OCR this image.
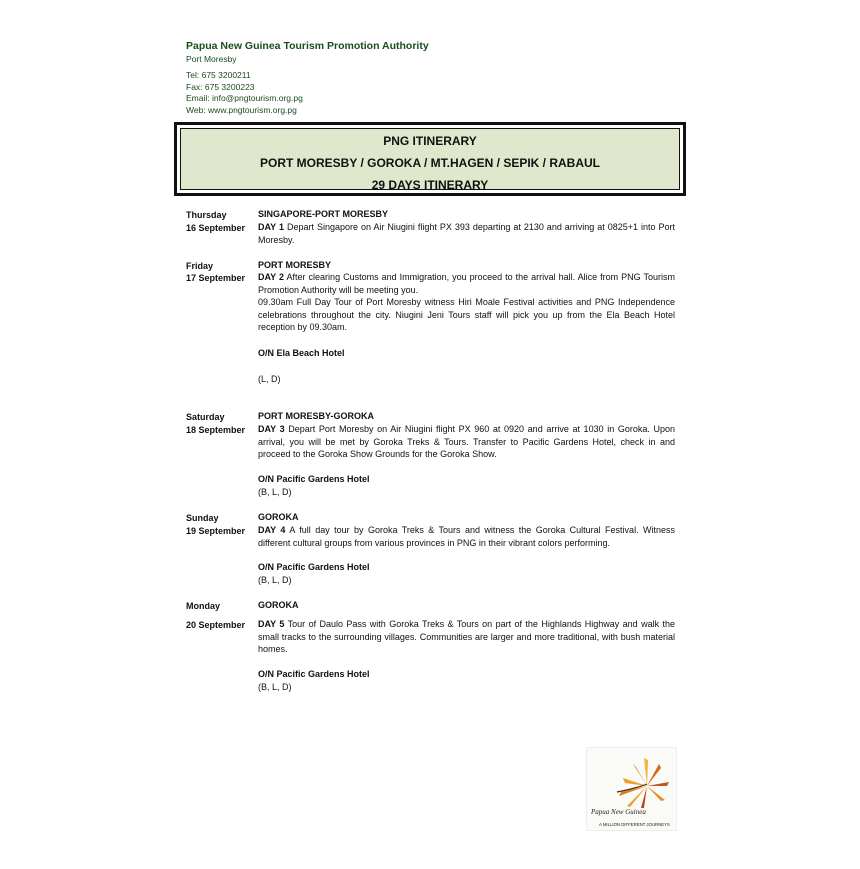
Papua New Guinea Tourism Promotion Authority
Port Moresby
Tel: 675 3200211
Fax: 675 3200223
Email: info@pngtourism.org.pg
Web: www.pngtourism.org.pg
PNG ITINERARY
PORT MORESBY / GOROKA / MT.HAGEN / SEPIK / RABAUL
29 DAYS ITINERARY
Thursday
16 September
SINGAPORE-PORT MORESBY
DAY 1 Depart Singapore on Air Niugini flight PX 393 departing at 2130 and arriving at 0825+1 into Port Moresby.
Friday
17 September
PORT MORESBY
DAY 2 After clearing Customs and Immigration, you proceed to the arrival hall. Alice from PNG Tourism Promotion Authority will be meeting you.
09.30am Full Day Tour of Port Moresby witness Hiri Moale Festival activities and PNG Independence celebrations throughout the city. Niugini Jeni Tours staff will pick you up from the Ela Beach Hotel reception by 09.30am.
O/N Ela Beach Hotel
(L, D)
Saturday
18 September
PORT MORESBY-GOROKA
DAY 3 Depart Port Moresby on Air Niugini flight PX 960 at 0920 and arrive at 1030 in Goroka. Upon arrival, you will be met by Goroka Treks & Tours. Transfer to Pacific Gardens Hotel, check in and proceed to the Goroka Show Grounds for the Goroka Show.
O/N Pacific Gardens Hotel
(B, L, D)
Sunday
19 September
GOROKA
DAY 4 A full day tour by Goroka Treks & Tours and witness the Goroka Cultural Festival. Witness different cultural groups from various provinces in PNG in their vibrant colors performing.
O/N Pacific Gardens Hotel
(B, L, D)
Monday
20 September
GOROKA
DAY 5 Tour of Daulo Pass with Goroka Treks & Tours on part of the Highlands Highway and walk the small tracks to the surrounding villages. Communities are larger and more traditional, with bush material homes.
O/N Pacific Gardens Hotel
(B, L, D)
Papua New Guinea
A MILLION DIFFERENT JOURNEYS
